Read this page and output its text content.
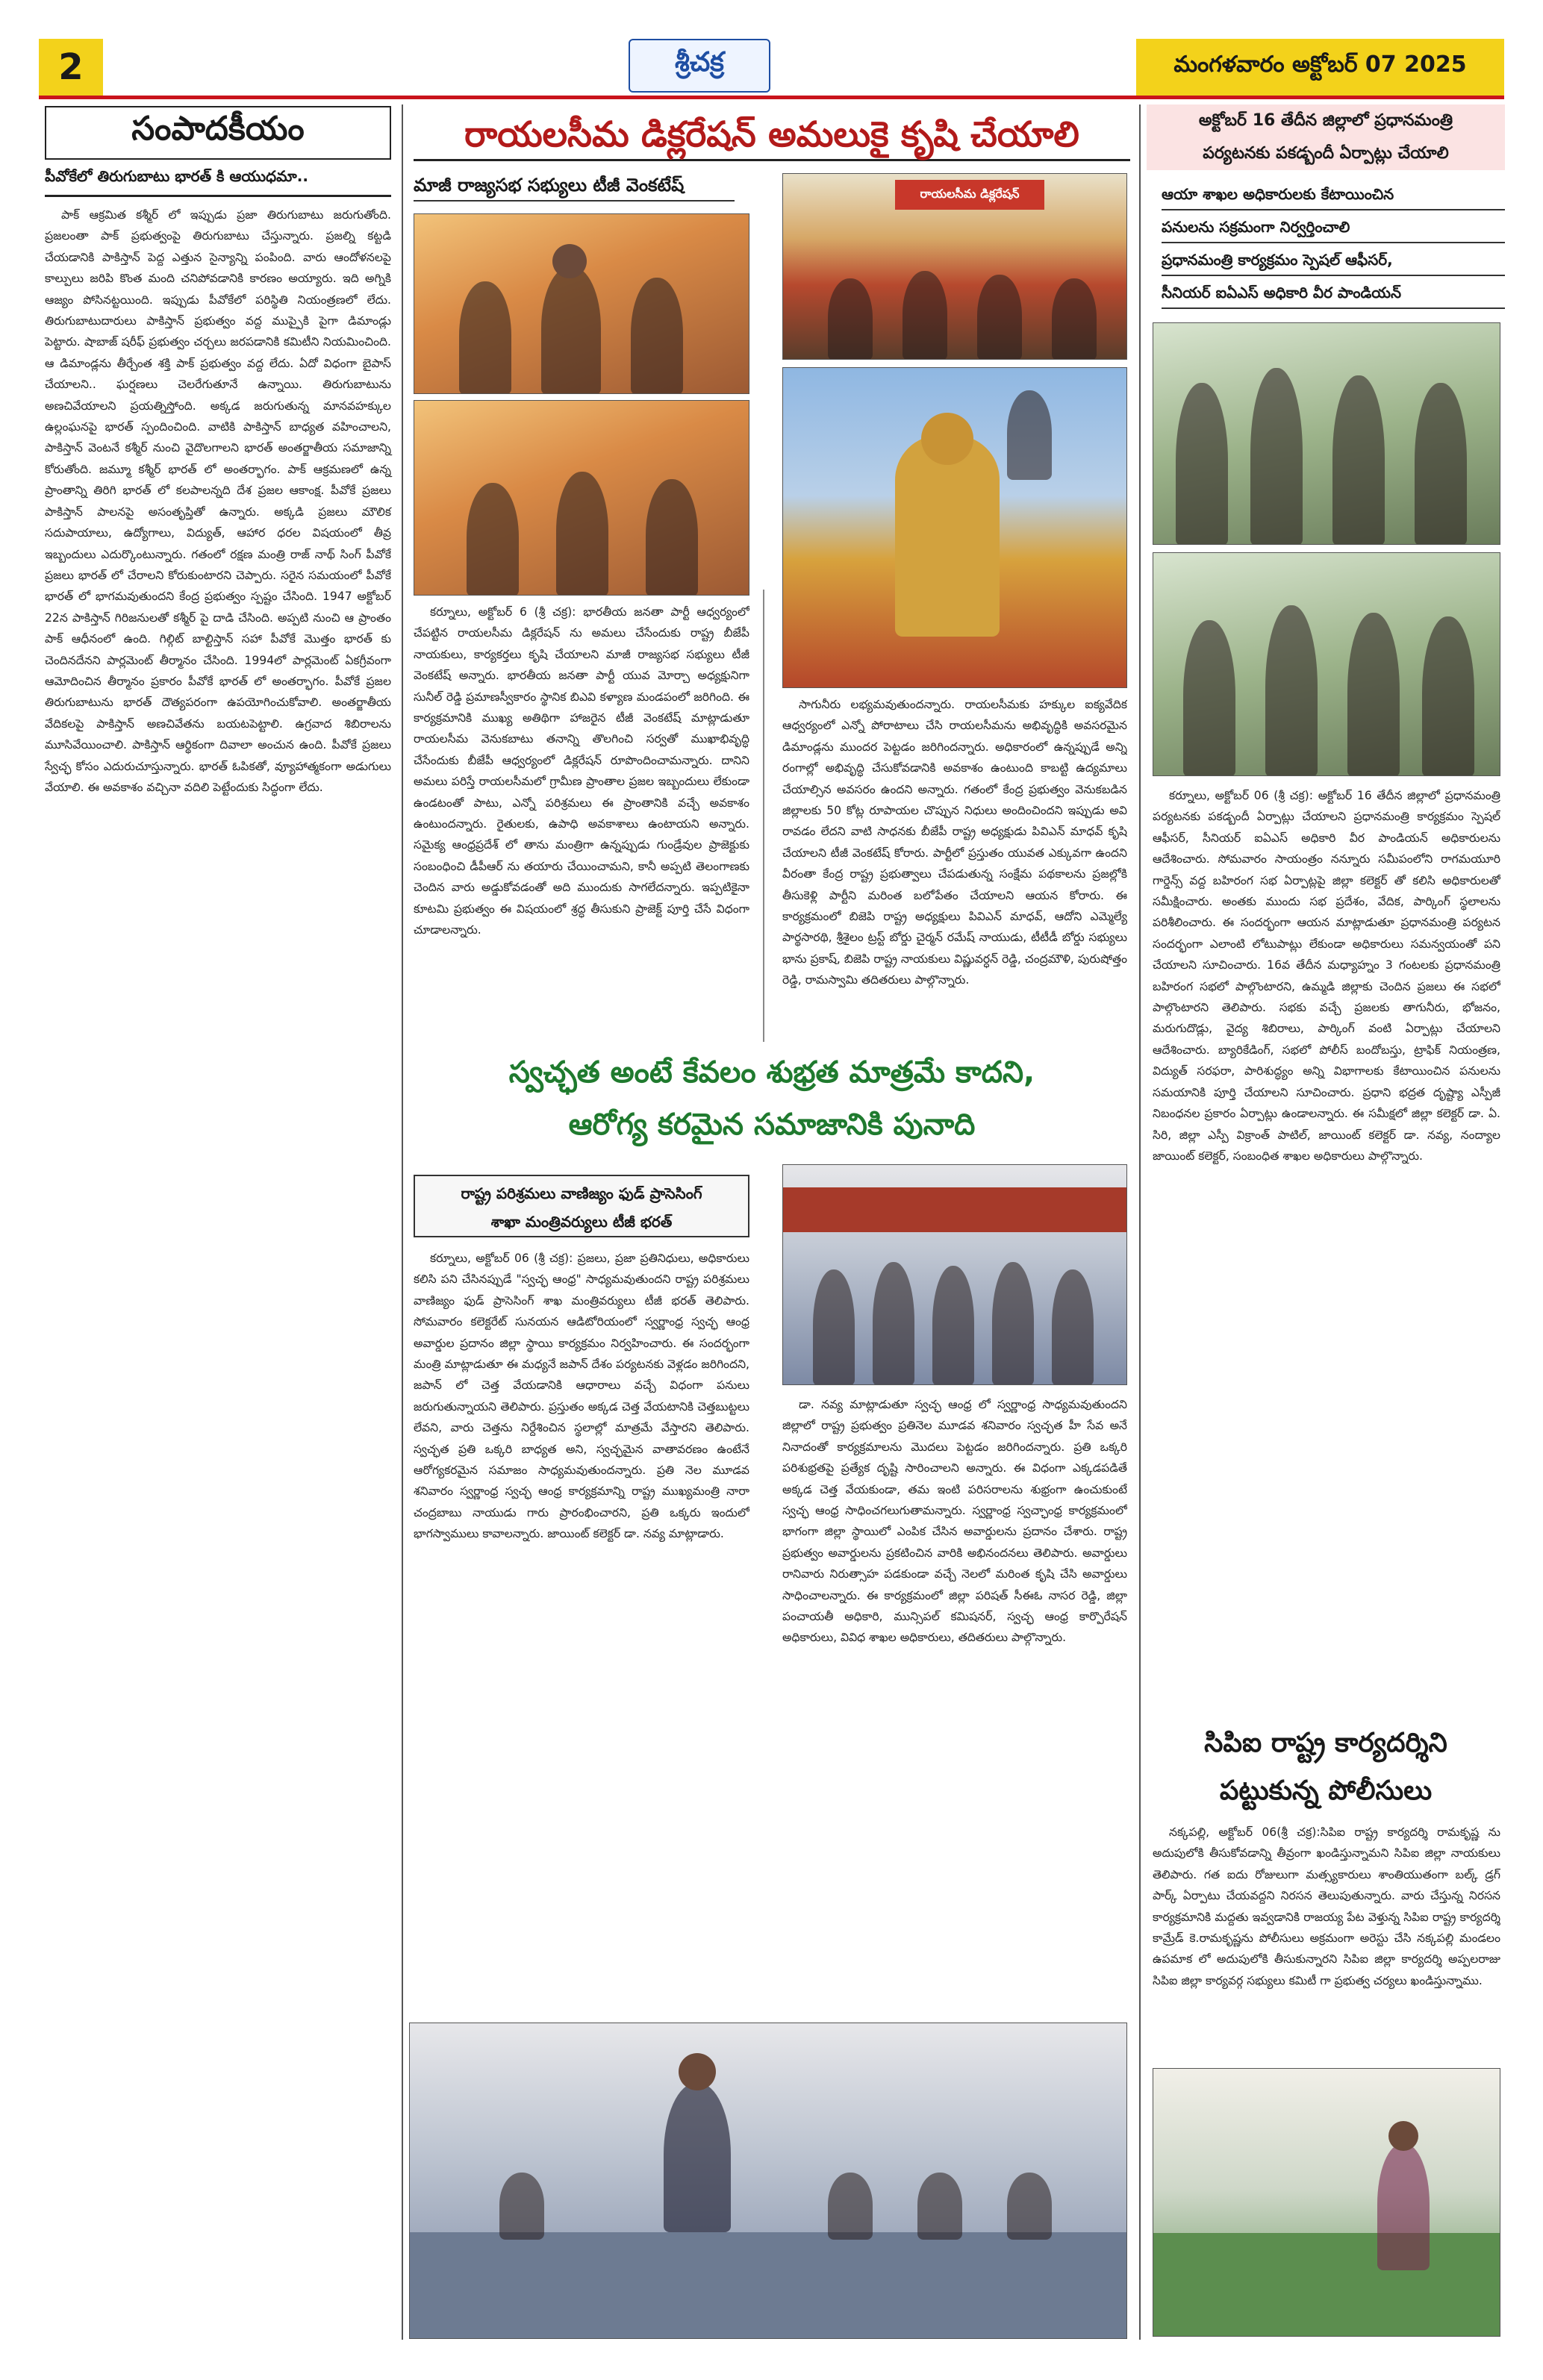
2	శ్రీచక్ర	మంగళవారం అక్టోబర్ 07 2025
సంపాదకీయం
పీవోకేలో తిరుగుబాటు భారత్ కి ఆయుధమా..

పాక్ ఆక్రమిత కశ్మీర్ లో ఇప్పుడు ప్రజా తిరుగుబాటు జరుగుతోంది. ప్రజలంతా పాక్ ప్రభుత్వంపై తిరుగుబాటు చేస్తున్నారు. ప్రజల్ని కట్టడి చేయడానికి పాకిస్తాన్ పెద్ద ఎత్తున సైన్యాన్ని పంపింది. వారు ఆందోళనలపై కాల్పులు జరిపి కొంత మంది చనిపోవడానికి కారణం అయ్యారు. ఇది అగ్నికి ఆజ్యం పోసినట్టయింది. ఇప్పుడు పీవోకేలో పరిస్థితి నియంత్రణలో లేదు. తిరుగుబాటుదారులు పాకిస్తాన్ ప్రభుత్వం వద్ద ముప్పైకి పైగా డిమాండ్లు పెట్టారు. షాబాజ్ షరీఫ్ ప్రభుత్వం చర్చలు జరపడానికి కమిటీని నియమించింది. ఆ డిమాండ్లను తీర్చేంత శక్తి పాక్ ప్రభుత్వం వద్ద లేదు. ఏదో విధంగా బైపాస్ చేయాలని.. ఘర్షణలు చెలరేగుతూనే ఉన్నాయి. తిరుగుబాటును అణచివేయాలని ప్రయత్నిస్తోంది. అక్కడ జరుగుతున్న మానవహక్కుల ఉల్లంఘనపై భారత్ స్పందించింది. వాటికి పాకిస్తాన్ బాధ్యత వహించాలని, పాకిస్తాన్ వెంటనే కశ్మీర్ నుంచి వైదొలగాలని భారత్ అంతర్జాతీయ సమాజాన్ని కోరుతోంది. జమ్మూ కశ్మీర్ భారత్ లో అంతర్భాగం. పాక్ ఆక్రమణలో ఉన్న ప్రాంతాన్ని తిరిగి భారత్ లో కలపాలన్నది దేశ ప్రజల ఆకాంక్ష. పీవోకే ప్రజలు పాకిస్తాన్ పాలనపై అసంతృప్తితో ఉన్నారు. అక్కడి ప్రజలు మౌలిక సదుపాయాలు, ఉద్యోగాలు, విద్యుత్, ఆహార ధరల విషయంలో తీవ్ర ఇబ్బందులు ఎదుర్కొంటున్నారు. గతంలో రక్షణ మంత్రి రాజ్ నాథ్ సింగ్ పీవోకే ప్రజలు భారత్ లో చేరాలని కోరుకుంటారని చెప్పారు. సరైన సమయంలో పీవోకే భారత్ లో భాగమవుతుందని కేంద్ర ప్రభుత్వం స్పష్టం చేసింది. 1947 అక్టోబర్ 22న పాకిస్తాన్ గిరిజనులతో కశ్మీర్ పై దాడి చేసింది. అప్పటి నుంచి ఆ ప్రాంతం పాక్ ఆధీనంలో ఉంది. గిల్గిట్ బాల్టిస్తాన్ సహా పీవోకే మొత్తం భారత్ కు చెందినదేనని పార్లమెంట్ తీర్మానం చేసింది. 1994లో పార్లమెంట్ ఏకగ్రీవంగా ఆమోదించిన తీర్మానం ప్రకారం పీవోకే భారత్ లో అంతర్భాగం. పీవోకే ప్రజల తిరుగుబాటును భారత్ దౌత్యపరంగా ఉపయోగించుకోవాలి. అంతర్జాతీయ వేదికలపై పాకిస్తాన్ అణచివేతను బయటపెట్టాలి. ఉగ్రవాద శిబిరాలను మూసివేయించాలి. పాకిస్తాన్ ఆర్థికంగా దివాలా అంచున ఉంది. పీవోకే ప్రజలు స్వేచ్ఛ కోసం ఎదురుచూస్తున్నారు. భారత్ ఓపికతో, వ్యూహాత్మకంగా అడుగులు వేయాలి. ఈ అవకాశం వచ్చినా వదిలి పెట్టేందుకు సిద్ధంగా లేదు.

రాయలసీమ డిక్లరేషన్ అమలుకై కృషి చేయాలి
మాజీ రాజ్యసభ సభ్యులు టీజీ వెంకటేష్	రాయలసీమ డిక్లరేషన్

కర్నూలు, అక్టోబర్ 6 (శ్రీ చక్ర): భారతీయ జనతా పార్టీ ఆధ్వర్యంలో చేపట్టిన రాయలసీమ డిక్లరేషన్ ను అమలు చేసేందుకు రాష్ట్ర బీజేపీ నాయకులు, కార్యకర్తలు కృషి చేయాలని మాజీ రాజ్యసభ సభ్యులు టీజీ వెంకటేష్ అన్నారు. భారతీయ జనతా పార్టీ యువ మోర్చా అధ్యక్షునిగా సునీల్ రెడ్డి ప్రమాణస్వీకారం స్థానిక బిఎవి కళ్యాణ మండపంలో జరిగింది. ఈ కార్యక్రమానికి ముఖ్య అతిథిగా హాజరైన టీజీ వెంకటేష్ మాట్లాడుతూ రాయలసీమ వెనుకబాటు తనాన్ని తొలగించి సర్వతో ముఖాభివృద్ధి చేసేందుకు బీజేపీ ఆధ్వర్యంలో డిక్లరేషన్ రూపొందించామన్నారు. దానిని అమలు పరిస్తే రాయలసీమలో గ్రామీణ ప్రాంతాల ప్రజల ఇబ్బందులు లేకుండా ఉండటంతో పాటు, ఎన్నో పరిశ్రమలు ఈ ప్రాంతానికి వచ్చే అవకాశం ఉంటుందన్నారు. రైతులకు, ఉపాధి అవకాశాలు ఉంటాయని అన్నారు. సమైక్య ఆంధ్రప్రదేశ్ లో తాను మంత్రిగా ఉన్నప్పుడు గుండ్రేవుల ప్రాజెక్టుకు సంబంధించి డీపీఆర్ ను తయారు చేయించామని, కానీ అప్పటి తెలంగాణకు చెందిన వారు అడ్డుకోవడంతో అది ముందుకు సాగలేదన్నారు. ఇప్పటికైనా కూటమి ప్రభుత్వం ఈ విషయంలో శ్రద్ధ తీసుకుని ప్రాజెక్ట్ పూర్తి చేసే విధంగా చూడాలన్నారు.

సాగునీరు లభ్యమవుతుందన్నారు. రాయలసీమకు హక్కుల ఐక్యవేదిక ఆధ్వర్యంలో ఎన్నో పోరాటాలు చేసి రాయలసీమను అభివృద్ధికి అవసరమైన డిమాండ్లను ముందర పెట్టడం జరిగిందన్నారు. అధికారంలో ఉన్నప్పుడే అన్ని రంగాల్లో అభివృద్ధి చేసుకోవడానికి అవకాశం ఉంటుంది కాబట్టి ఉద్యమాలు చేయాల్సిన అవసరం ఉందని అన్నారు. గతంలో కేంద్ర ప్రభుత్వం వెనుకబడిన జిల్లాలకు 50 కోట్ల రూపాయల చొప్పున నిధులు అందించిందని ఇప్పుడు అవి రావడం లేదని వాటి సాధనకు బీజేపీ రాష్ట్ర అధ్యక్షుడు పివిఎన్ మాధవ్ కృషి చేయాలని టీజీ వెంకటేష్ కోరారు. పార్టీలో ప్రస్తుతం యువత ఎక్కువగా ఉందని వీరంతా కేంద్ర రాష్ట్ర ప్రభుత్వాలు చేపడుతున్న సంక్షేమ పథకాలను ప్రజల్లోకి తీసుకెళ్లి పార్టీని మరింత బలోపేతం చేయాలని ఆయన కోరారు. ఈ కార్యక్రమంలో బిజెపి రాష్ట్ర అధ్యక్షులు పివిఎన్ మాధవ్, ఆదోని ఎమ్మెల్యే పార్థసారథి, శ్రీశైలం ట్రస్ట్ బోర్డు చైర్మన్ రమేష్ నాయుడు, టీటీడీ బోర్డు సభ్యులు భాను ప్రకాష్, బిజెపి రాష్ట్ర నాయకులు విష్ణువర్ధన్ రెడ్డి, చంద్రమౌళి, పురుషోత్తం రెడ్డి, రామస్వామి తదితరులు పాల్గొన్నారు.

స్వచ్ఛత అంటే కేవలం శుభ్రత మాత్రమే కాదని,
ఆరోగ్య కరమైన సమాజానికి పునాది
రాష్ట్ర పరిశ్రమలు వాణిజ్యం ఫుడ్ ప్రాసెసింగ్
శాఖా మంత్రివర్యులు టీజీ భరత్

కర్నూలు, అక్టోబర్ 06 (శ్రీ చక్ర): ప్రజలు, ప్రజా ప్రతినిధులు, అధికారులు కలిసి పని చేసినప్పుడే "స్వచ్ఛ ఆంధ్ర" సాధ్యమవుతుందని రాష్ట్ర పరిశ్రమలు వాణిజ్యం ఫుడ్ ప్రాసెసింగ్ శాఖ మంత్రివర్యులు టీజీ భరత్ తెలిపారు. సోమవారం కలెక్టరేట్ సునయన ఆడిటోరియంలో స్వర్ణాంధ్ర స్వచ్ఛ ఆంధ్ర అవార్డుల ప్రదానం జిల్లా స్థాయి కార్యక్రమం నిర్వహించారు. ఈ సందర్భంగా మంత్రి మాట్లాడుతూ ఈ మధ్యనే జపాన్ దేశం పర్యటనకు వెళ్లడం జరిగిందని, జపాన్ లో చెత్త వేయడానికి ఆధారాలు వచ్చే విధంగా పనులు జరుగుతున్నాయని తెలిపారు. ప్రస్తుతం అక్కడ చెత్త వేయటానికి చెత్తబుట్టలు లేవని, వారు చెత్తను నిర్దేశించిన స్థలాల్లో మాత్రమే వేస్తారని తెలిపారు. స్వచ్ఛత ప్రతి ఒక్కరి బాధ్యత అని, స్వచ్ఛమైన వాతావరణం ఉంటేనే ఆరోగ్యకరమైన సమాజం సాధ్యమవుతుందన్నారు. ప్రతి నెల మూడవ శనివారం స్వర్ణాంధ్ర స్వచ్ఛ ఆంధ్ర కార్యక్రమాన్ని రాష్ట్ర ముఖ్యమంత్రి నారా చంద్రబాబు నాయుడు గారు ప్రారంభించారని, ప్రతి ఒక్కరు ఇందులో భాగస్వాములు కావాలన్నారు. జాయింట్ కలెక్టర్ డా. నవ్య మాట్లాడారు.

డా. నవ్య మాట్లాడుతూ స్వచ్ఛ ఆంధ్ర లో స్వర్ణాంధ్ర సాధ్యమవుతుందని జిల్లాలో రాష్ట్ర ప్రభుత్వం ప్రతినెల మూడవ శనివారం స్వచ్ఛత హీ సేవ అనే నినాదంతో కార్యక్రమాలను మొదలు పెట్టడం జరిగిందన్నారు. ప్రతి ఒక్కరి పరిశుభ్రతపై ప్రత్యేక దృష్టి సారించాలని అన్నారు. ఈ విధంగా ఎక్కడపడితే అక్కడ చెత్త వేయకుండా, తమ ఇంటి పరిసరాలను శుభ్రంగా ఉంచుకుంటే స్వచ్ఛ ఆంధ్ర సాధించగలుగుతామన్నారు. స్వర్ణాంధ్ర స్వచ్ఛాంధ్ర కార్యక్రమంలో భాగంగా జిల్లా స్థాయిలో ఎంపిక చేసిన అవార్డులను ప్రదానం చేశారు. రాష్ట్ర ప్రభుత్వం అవార్డులను ప్రకటించిన వారికి అభినందనలు తెలిపారు. అవార్డులు రానివారు నిరుత్సాహ పడకుండా వచ్చే నెలలో మరింత కృషి చేసి అవార్డులు సాధించాలన్నారు. ఈ కార్యక్రమంలో జిల్లా పరిషత్ సీఈఓ నాసర రెడ్డి, జిల్లా పంచాయతీ అధికారి, మున్సిపల్ కమిషనర్, స్వచ్ఛ ఆంధ్ర కార్పొరేషన్ అధికారులు, వివిధ శాఖల అధికారులు, తదితరులు పాల్గొన్నారు.

అక్టోబర్ 16 తేదీన జిల్లాలో ప్రధానమంత్రి
పర్యటనకు పకడ్బందీ ఏర్పాట్లు చేయాలి
ఆయా శాఖల అధికారులకు కేటాయించిన
పనులను సక్రమంగా నిర్వర్తించాలి
ప్రధానమంత్రి కార్యక్రమం స్పెషల్ ఆఫీసర్,
సీనియర్ ఐఏఎస్ అధికారి వీర పాండియన్

కర్నూలు, అక్టోబర్ 06 (శ్రీ చక్ర): అక్టోబర్ 16 తేదీన జిల్లాలో ప్రధానమంత్రి పర్యటనకు పకడ్బందీ ఏర్పాట్లు చేయాలని ప్రధానమంత్రి కార్యక్రమం స్పెషల్ ఆఫీసర్, సీనియర్ ఐఏఎస్ అధికారి వీర పాండియన్ అధికారులను ఆదేశించారు. సోమవారం సాయంత్రం నన్నూరు సమీపంలోని రాగమయూరి గార్డెన్స్ వద్ద బహిరంగ సభ ఏర్పాట్లపై జిల్లా కలెక్టర్ తో కలిసి అధికారులతో సమీక్షించారు. అంతకు ముందు సభ ప్రదేశం, వేదిక, పార్కింగ్ స్థలాలను పరిశీలించారు. ఈ సందర్భంగా ఆయన మాట్లాడుతూ ప్రధానమంత్రి పర్యటన సందర్భంగా ఎలాంటి లోటుపాట్లు లేకుండా అధికారులు సమన్వయంతో పని చేయాలని సూచించారు. 16వ తేదీన మధ్యాహ్నం 3 గంటలకు ప్రధానమంత్రి బహిరంగ సభలో పాల్గొంటారని, ఉమ్మడి జిల్లాకు చెందిన ప్రజలు ఈ సభలో పాల్గొంటారని తెలిపారు. సభకు వచ్చే ప్రజలకు తాగునీరు, భోజనం, మరుగుదొడ్లు, వైద్య శిబిరాలు, పార్కింగ్ వంటి ఏర్పాట్లు చేయాలని ఆదేశించారు. బ్యారికేడింగ్, సభలో పోలీస్ బందోబస్తు, ట్రాఫిక్ నియంత్రణ, విద్యుత్ సరఫరా, పారిశుద్ధ్యం అన్ని విభాగాలకు కేటాయించిన పనులను సమయానికి పూర్తి చేయాలని సూచించారు. ప్రధాని భద్రత దృష్ట్యా ఎస్పీజీ నిబంధనల ప్రకారం ఏర్పాట్లు ఉండాలన్నారు. ఈ సమీక్షలో జిల్లా కలెక్టర్ డా. ఏ. సిరి, జిల్లా ఎస్పీ విక్రాంత్ పాటిల్, జాయింట్ కలెక్టర్ డా. నవ్య, నంద్యాల జాయింట్ కలెక్టర్, సంబంధిత శాఖల అధికారులు పాల్గొన్నారు.

సిపిఐ రాష్ట్ర కార్యదర్శిని
పట్టుకున్న పోలీసులు

నక్కపల్లి, అక్టోబర్ 06(శ్రీ చక్ర):సిపిఐ రాష్ట్ర కార్యదర్శి రామకృష్ణ ను అదుపులోకి తీసుకోవడాన్ని తీవ్రంగా ఖండిస్తున్నామని సిపిఐ జిల్లా నాయకులు తెలిపారు. గత ఐదు రోజులుగా మత్స్యకారులు శాంతియుతంగా బల్క్ డ్రగ్ పార్క్ ఏర్పాటు చేయవద్దని నిరసన తెలుపుతున్నారు. వారు చేస్తున్న నిరసన కార్యక్రమానికి మద్దతు ఇవ్వడానికి రాజయ్య పేట వెళ్తున్న సిపిఐ రాష్ట్ర కార్యదర్శి కామ్రేడ్ కె.రామకృష్ణను పోలీసులు అక్రమంగా అరెస్టు చేసి నక్కపల్లి మండలం ఉపమాక లో అదుపులోకి తీసుకున్నారని సిపిఐ జిల్లా కార్యదర్శి అప్పలరాజు సిపిఐ జిల్లా కార్యవర్గ సభ్యులు కమిటీ గా ప్రభుత్వ చర్యలు ఖండిస్తున్నాము.
